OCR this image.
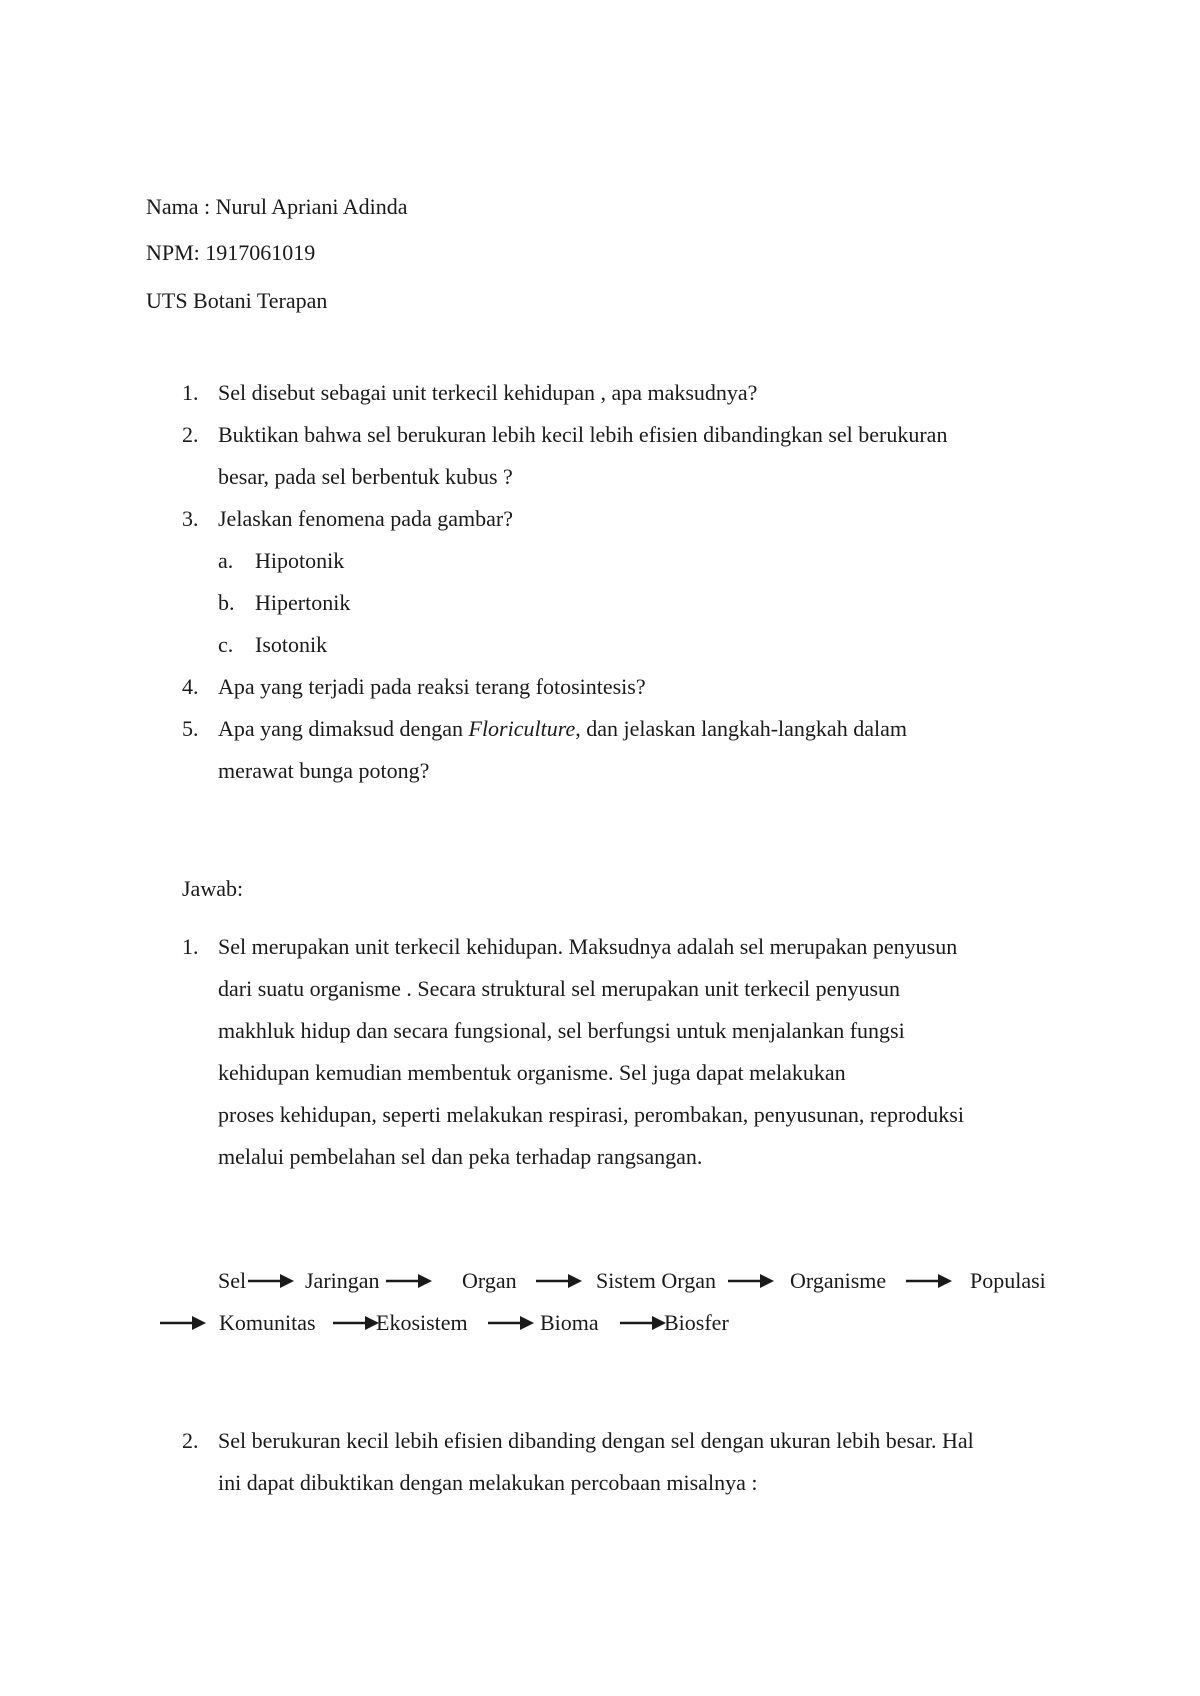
Nama : Nurul Apriani Adinda
NPM: 1917061019
UTS Botani Terapan
1. Sel disebut sebagai unit terkecil kehidupan , apa maksudnya?
2. Buktikan bahwa sel berukuran lebih kecil lebih efisien dibandingkan sel berukuran
besar, pada sel berbentuk kubus ?
3. Jelaskan fenomena pada gambar?
a. Hipotonik
b. Hipertonik
c. Isotonik
4. Apa yang terjadi pada reaksi terang fotosintesis?
5. Apa yang dimaksud dengan Floriculture, dan jelaskan langkah-langkah dalam
merawat bunga potong?
Jawab:
1. Sel merupakan unit terkecil kehidupan. Maksudnya adalah sel merupakan penyusun
dari suatu organisme . Secara struktural sel merupakan unit terkecil penyusun
makhluk hidup dan secara fungsional, sel berfungsi untuk menjalankan fungsi
kehidupan kemudian membentuk organisme. Sel juga dapat melakukan
proses kehidupan, seperti melakukan respirasi, perombakan, penyusunan, reproduksi
melalui pembelahan sel dan peka terhadap rangsangan.
Sel	Jaringan	Organ	Sistem Organ	Organisme	Populasi
Komunitas	Ekosistem	Bioma	Biosfer
2. Sel berukuran kecil lebih efisien dibanding dengan sel dengan ukuran lebih besar. Hal
ini dapat dibuktikan dengan melakukan percobaan misalnya :
